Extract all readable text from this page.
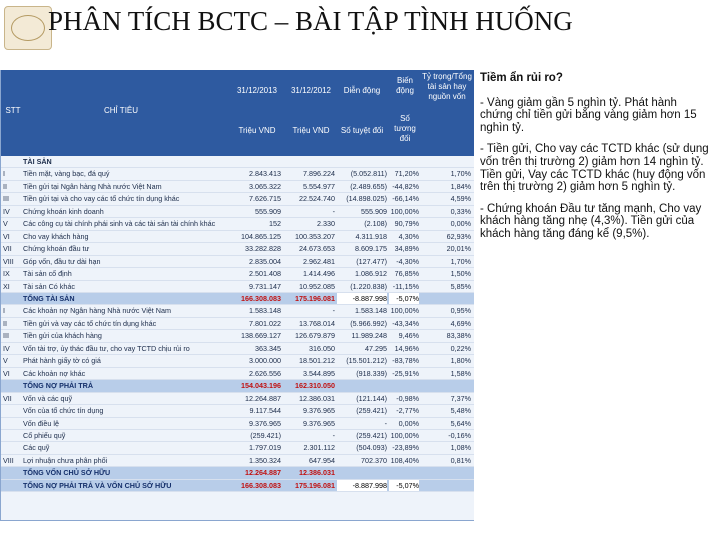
PHÂN TÍCH BCTC – BÀI TẬP TÌNH HUỐNG
STT	CHỈ TIÊU
31/12/2013	31/12/2012	Diễn động
Biến động
Tỷ trọng/Tổng tài sản hay nguồn vốn
Triệu VND	Triệu VND	Số tuyệt đối
Số tương đối
TÀI SẢN
I	Tiền mặt, vàng bạc, đá quý	2.843.413	7.896.224	(5.052.811)	71,20%	1,70%
II	Tiền gửi tại Ngân hàng Nhà nước Việt Nam	3.065.322	5.554.977	(2.489.655) -44,82%	1,84%
III	Tiền gửi tại và cho vay các tổ chức tín dụng khác	7.626.715	22.524.740	(14.898.025) -66,14%	4,59%
IV	Chứng khoán kinh doanh	555.909	-	555.909 100,00%	0,33%
V	Các công cụ tài chính phái sinh và các tài sản tài chính khác	152	2.330	(2.108)	90,79%	0,00%
VI	Cho vay khách hàng	104.865.125	100.353.207	4.311.918	4,30%	62,93%
VII	Chứng khoán đầu tư	33.282.828	24.673.653	8.609.175	34,89%	20,01%
VIII	Góp vốn, đầu tư dài hạn	2.835.004	2.962.481	(127.477)	-4,30%	1,70%
IX	Tài sản cố định	2.501.408	1.414.496	1.086.912	76,85%	1,50%
XI	Tài sản Có khác	9.731.147	10.952.085	(1.220.838) -11,15%	5,85%
TỔNG TÀI SẢN	166.308.083	175.196.081	-8.887.998	-5,07%
I	Các khoản nợ Ngân hàng Nhà nước Việt Nam	1.583.148	-	1.583.148 100,00%	0,95%
II	Tiền gửi và vay các tổ chức tín dụng khác	7.801.022	13.768.014	(5.966.992) -43,34%	4,69%
III	Tiền gửi của khách hàng	138.669.127	126.679.879	11.989.248	9,46%	83,38%
IV	Vốn tài trợ, ủy thác đầu tư, cho vay TCTD chịu rủi ro	363.345	316.050	47.295	14,96%	0,22%
V	Phát hành giấy tờ có giá	3.000.000	18.501.212	(15.501.212) -83,78%	1,80%
VI	Các khoản nợ khác	2.626.556	3.544.895	(918.339) -25,91%	1,58%
TỔNG NỢ PHẢI TRẢ	154.043.196	162.310.050
VII	Vốn và các quỹ	12.264.887	12.386.031	(121.144)	-0,98%	7,37%
Vốn của tổ chức tín dụng	9.117.544	9.376.965	(259.421)	-2,77%	5,48%
Vốn điều lệ	9.376.965	9.376.965	-	0,00%	5,64%
Cổ phiếu quỹ	(259.421)	-	(259.421) 100,00%	-0,16%
Các quỹ	1.797.019	2.301.112	(504.093) -23,89%	1,08%
VIII	Lợi nhuận chưa phân phối	1.350.324	647.954	702.370 108,40%	0,81%
TỔNG VỐN CHỦ SỞ HỮU	12.264.887	12.386.031
TỔNG NỢ PHẢI TRẢ VÀ VỐN CHỦ SỞ HỮU	166.308.083	175.196.081	-8.887.998	-5,07%
Tiềm ẩn rủi ro?

- Vàng giảm gần 5 nghìn tỷ. Phát hành chứng chỉ tiền gửi bằng vàng giảm hơn 15 nghìn tỷ.

- Tiền gửi, Cho vay các TCTD khác (sử dụng vốn trên thị trường 2) giảm hơn 14 nghìn tỷ. Tiền gửi, Vay các TCTD khác (huy động vốn trên thị trường 2) giảm hơn 5 nghìn tỷ.

- Chứng khoán Đầu tư tăng mạnh, Cho vay khách hàng tăng nhẹ (4,3%). Tiền gửi của khách hàng tăng đáng kể (9,5%).
